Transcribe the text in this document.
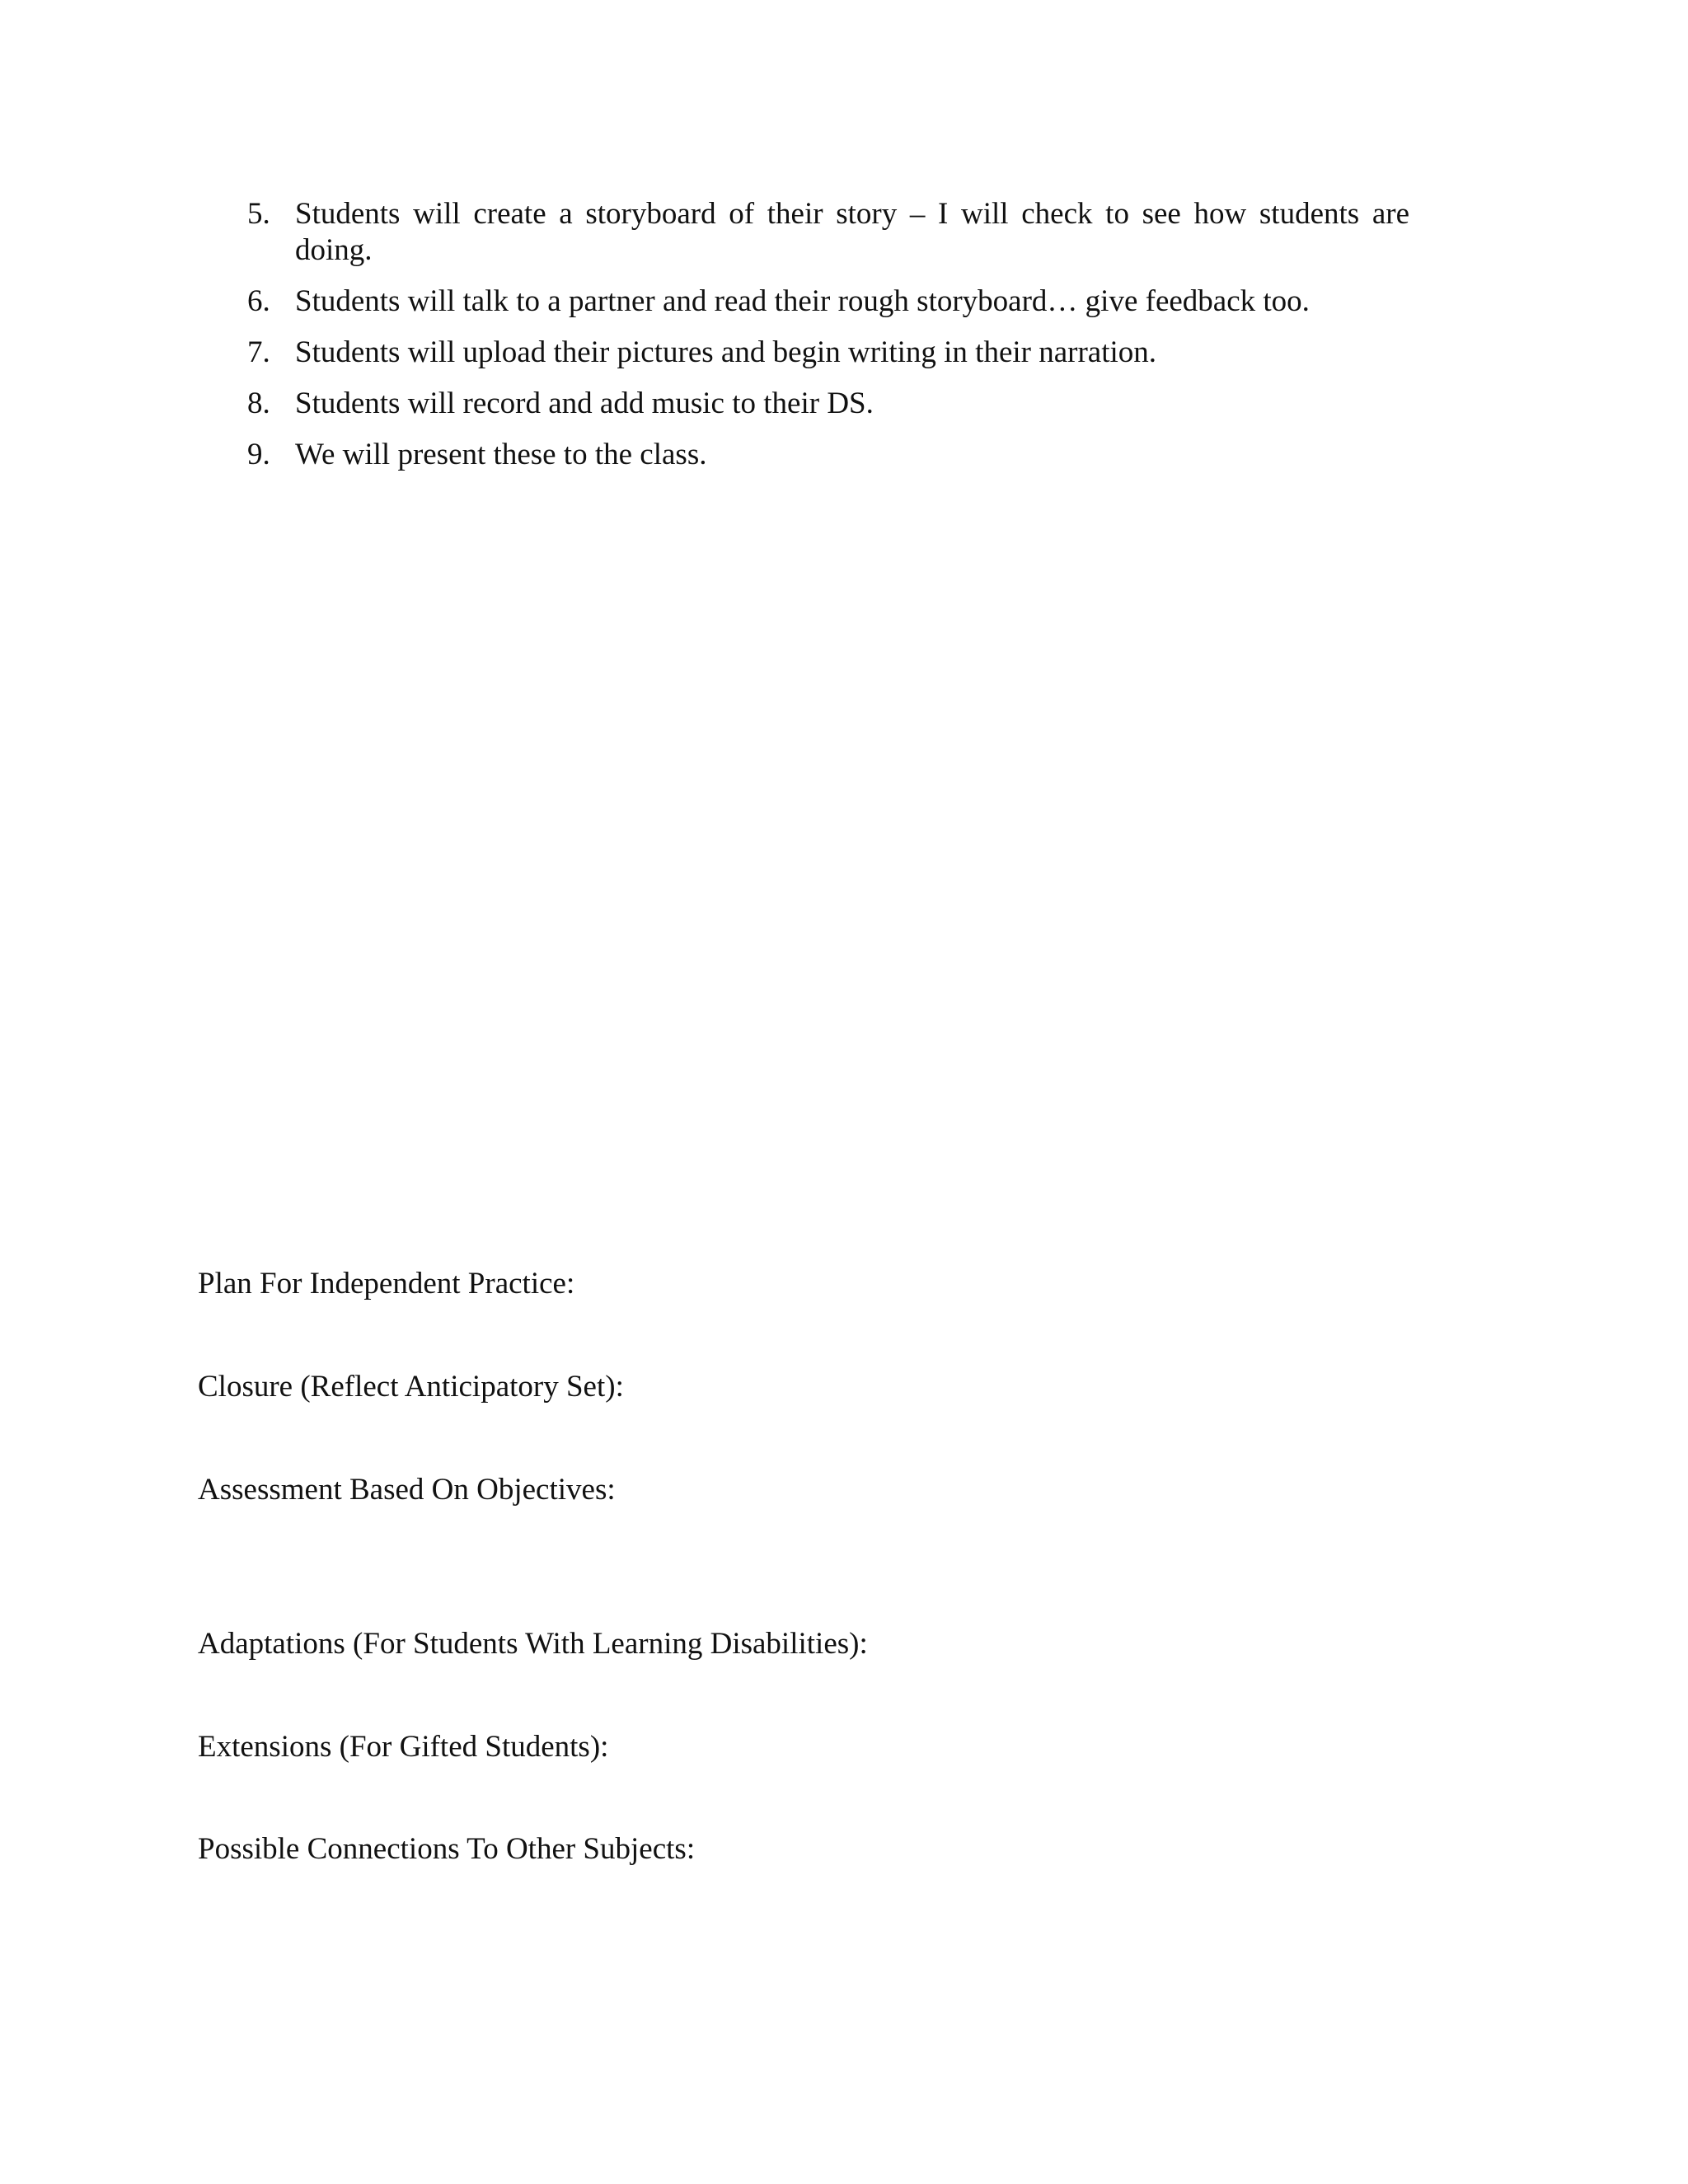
5. Students will create a storyboard of their story – I will check to see how students are doing.
6. Students will talk to a partner and read their rough storyboard… give feedback too.
7. Students will upload their pictures and begin writing in their narration.
8. Students will record and add music to their DS.
9. We will present these to the class.

Plan For Independent Practice:

Closure (Reflect Anticipatory Set):

Assessment Based On Objectives:

Adaptations (For Students With Learning Disabilities):

Extensions (For Gifted Students):

Possible Connections To Other Subjects:
